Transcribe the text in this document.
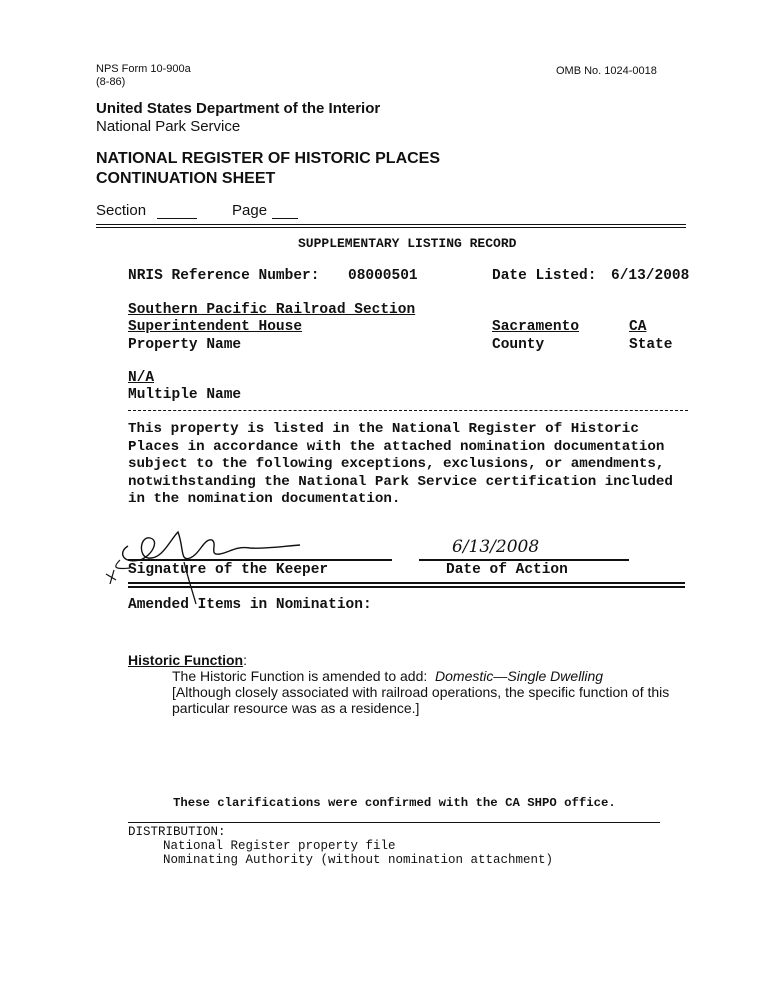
NPS Form 10-900a
(8-86)
OMB No. 1024-0018
United States Department of the Interior
National Park Service
NATIONAL REGISTER OF HISTORIC PLACES
CONTINUATION SHEET
Section	Page
SUPPLEMENTARY LISTING RECORD
NRIS Reference Number: 08000501	Date Listed: 6/13/2008
Southern Pacific Railroad Section
Superintendent House
Property Name
Sacramento
County
CA
State
N/A
Multiple Name
This property is listed in the National Register of Historic
Places in accordance with the attached nomination documentation
subject to the following exceptions, exclusions, or amendments,
notwithstanding the National Park Service certification included
in the nomination documentation.
Signature of the Keeper
6/13/2008
Date of Action
Amended Items in Nomination:
Historic Function:
The Historic Function is amended to add: Domestic—Single Dwelling
[Although closely associated with railroad operations, the specific function of this
particular resource was as a residence.]
These clarifications were confirmed with the CA SHPO office.
DISTRIBUTION:
National Register property file
Nominating Authority (without nomination attachment)
